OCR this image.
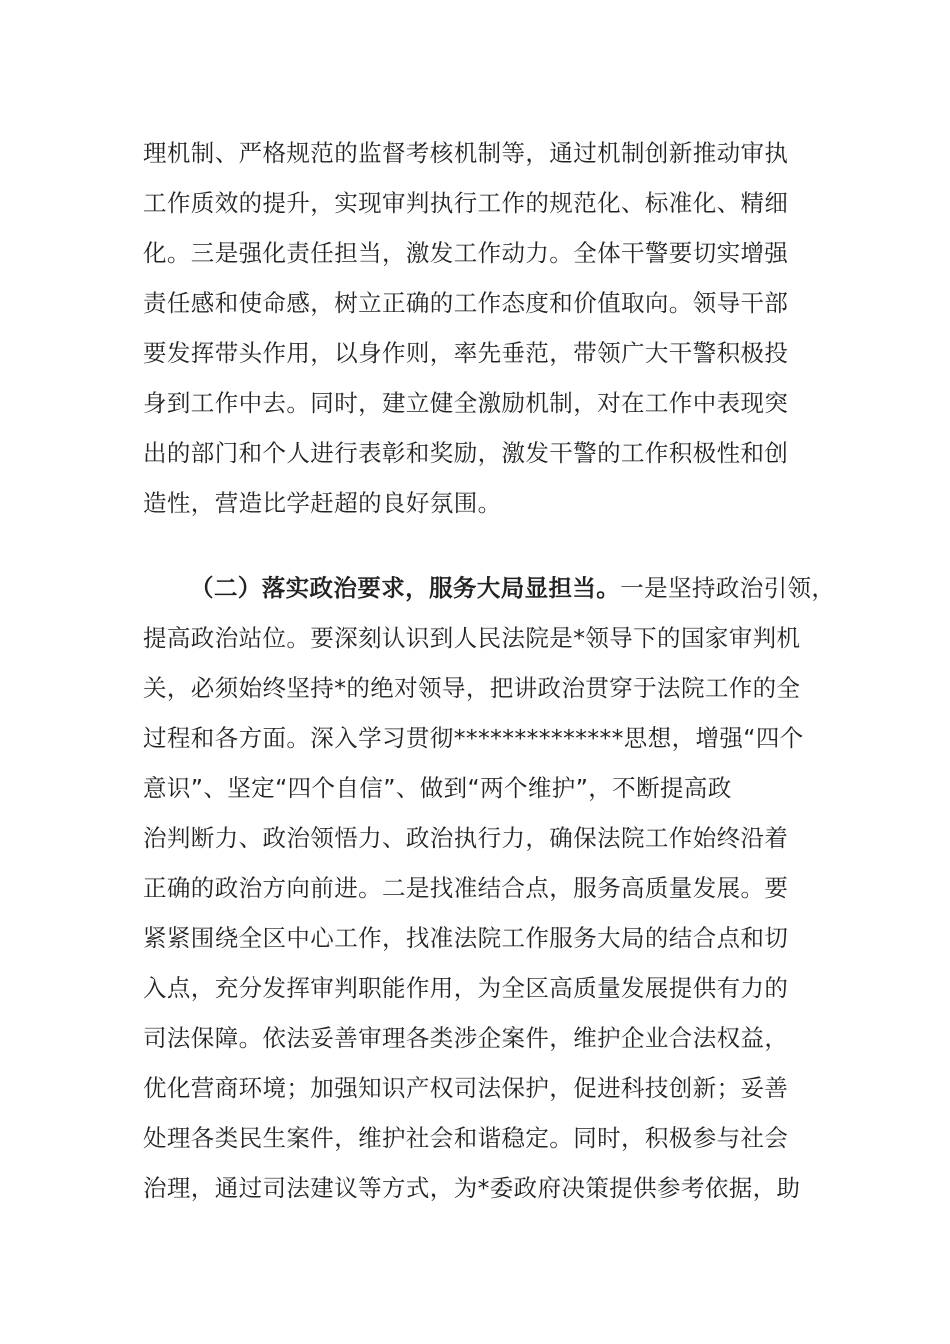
理机制、严格规范的监督考核机制等，通过机制创新推动审执
工作质效的提升，实现审判执行工作的规范化、标准化、精细
化。三是强化责任担当，激发工作动力。全体干警要切实增强
责任感和使命感，树立正确的工作态度和价值取向。领导干部
要发挥带头作用，以身作则，率先垂范，带领广大干警积极投
身到工作中去。同时，建立健全激励机制，对在工作中表现突
出的部门和个人进行表彰和奖励，激发干警的工作积极性和创
造性，营造比学赶超的良好氛围。
（二）落实政治要求，服务大局显担当。一是坚持政治引领，
提高政治站位。要深刻认识到人民法院是*领导下的国家审判机
关，必须始终坚持*的绝对领导，把讲政治贯穿于法院工作的全
过程和各方面。深入学习贯彻**************思想，增强“四个
意识”、坚定“四个自信”、做到“两个维护”，不断提高政
治判断力、政治领悟力、政治执行力，确保法院工作始终沿着
正确的政治方向前进。二是找准结合点，服务高质量发展。要
紧紧围绕全区中心工作，找准法院工作服务大局的结合点和切
入点，充分发挥审判职能作用，为全区高质量发展提供有力的
司法保障。依法妥善审理各类涉企案件，维护企业合法权益，
优化营商环境；加强知识产权司法保护，促进科技创新；妥善
处理各类民生案件，维护社会和谐稳定。同时，积极参与社会
治理，通过司法建议等方式，为*委政府决策提供参考依据，助
